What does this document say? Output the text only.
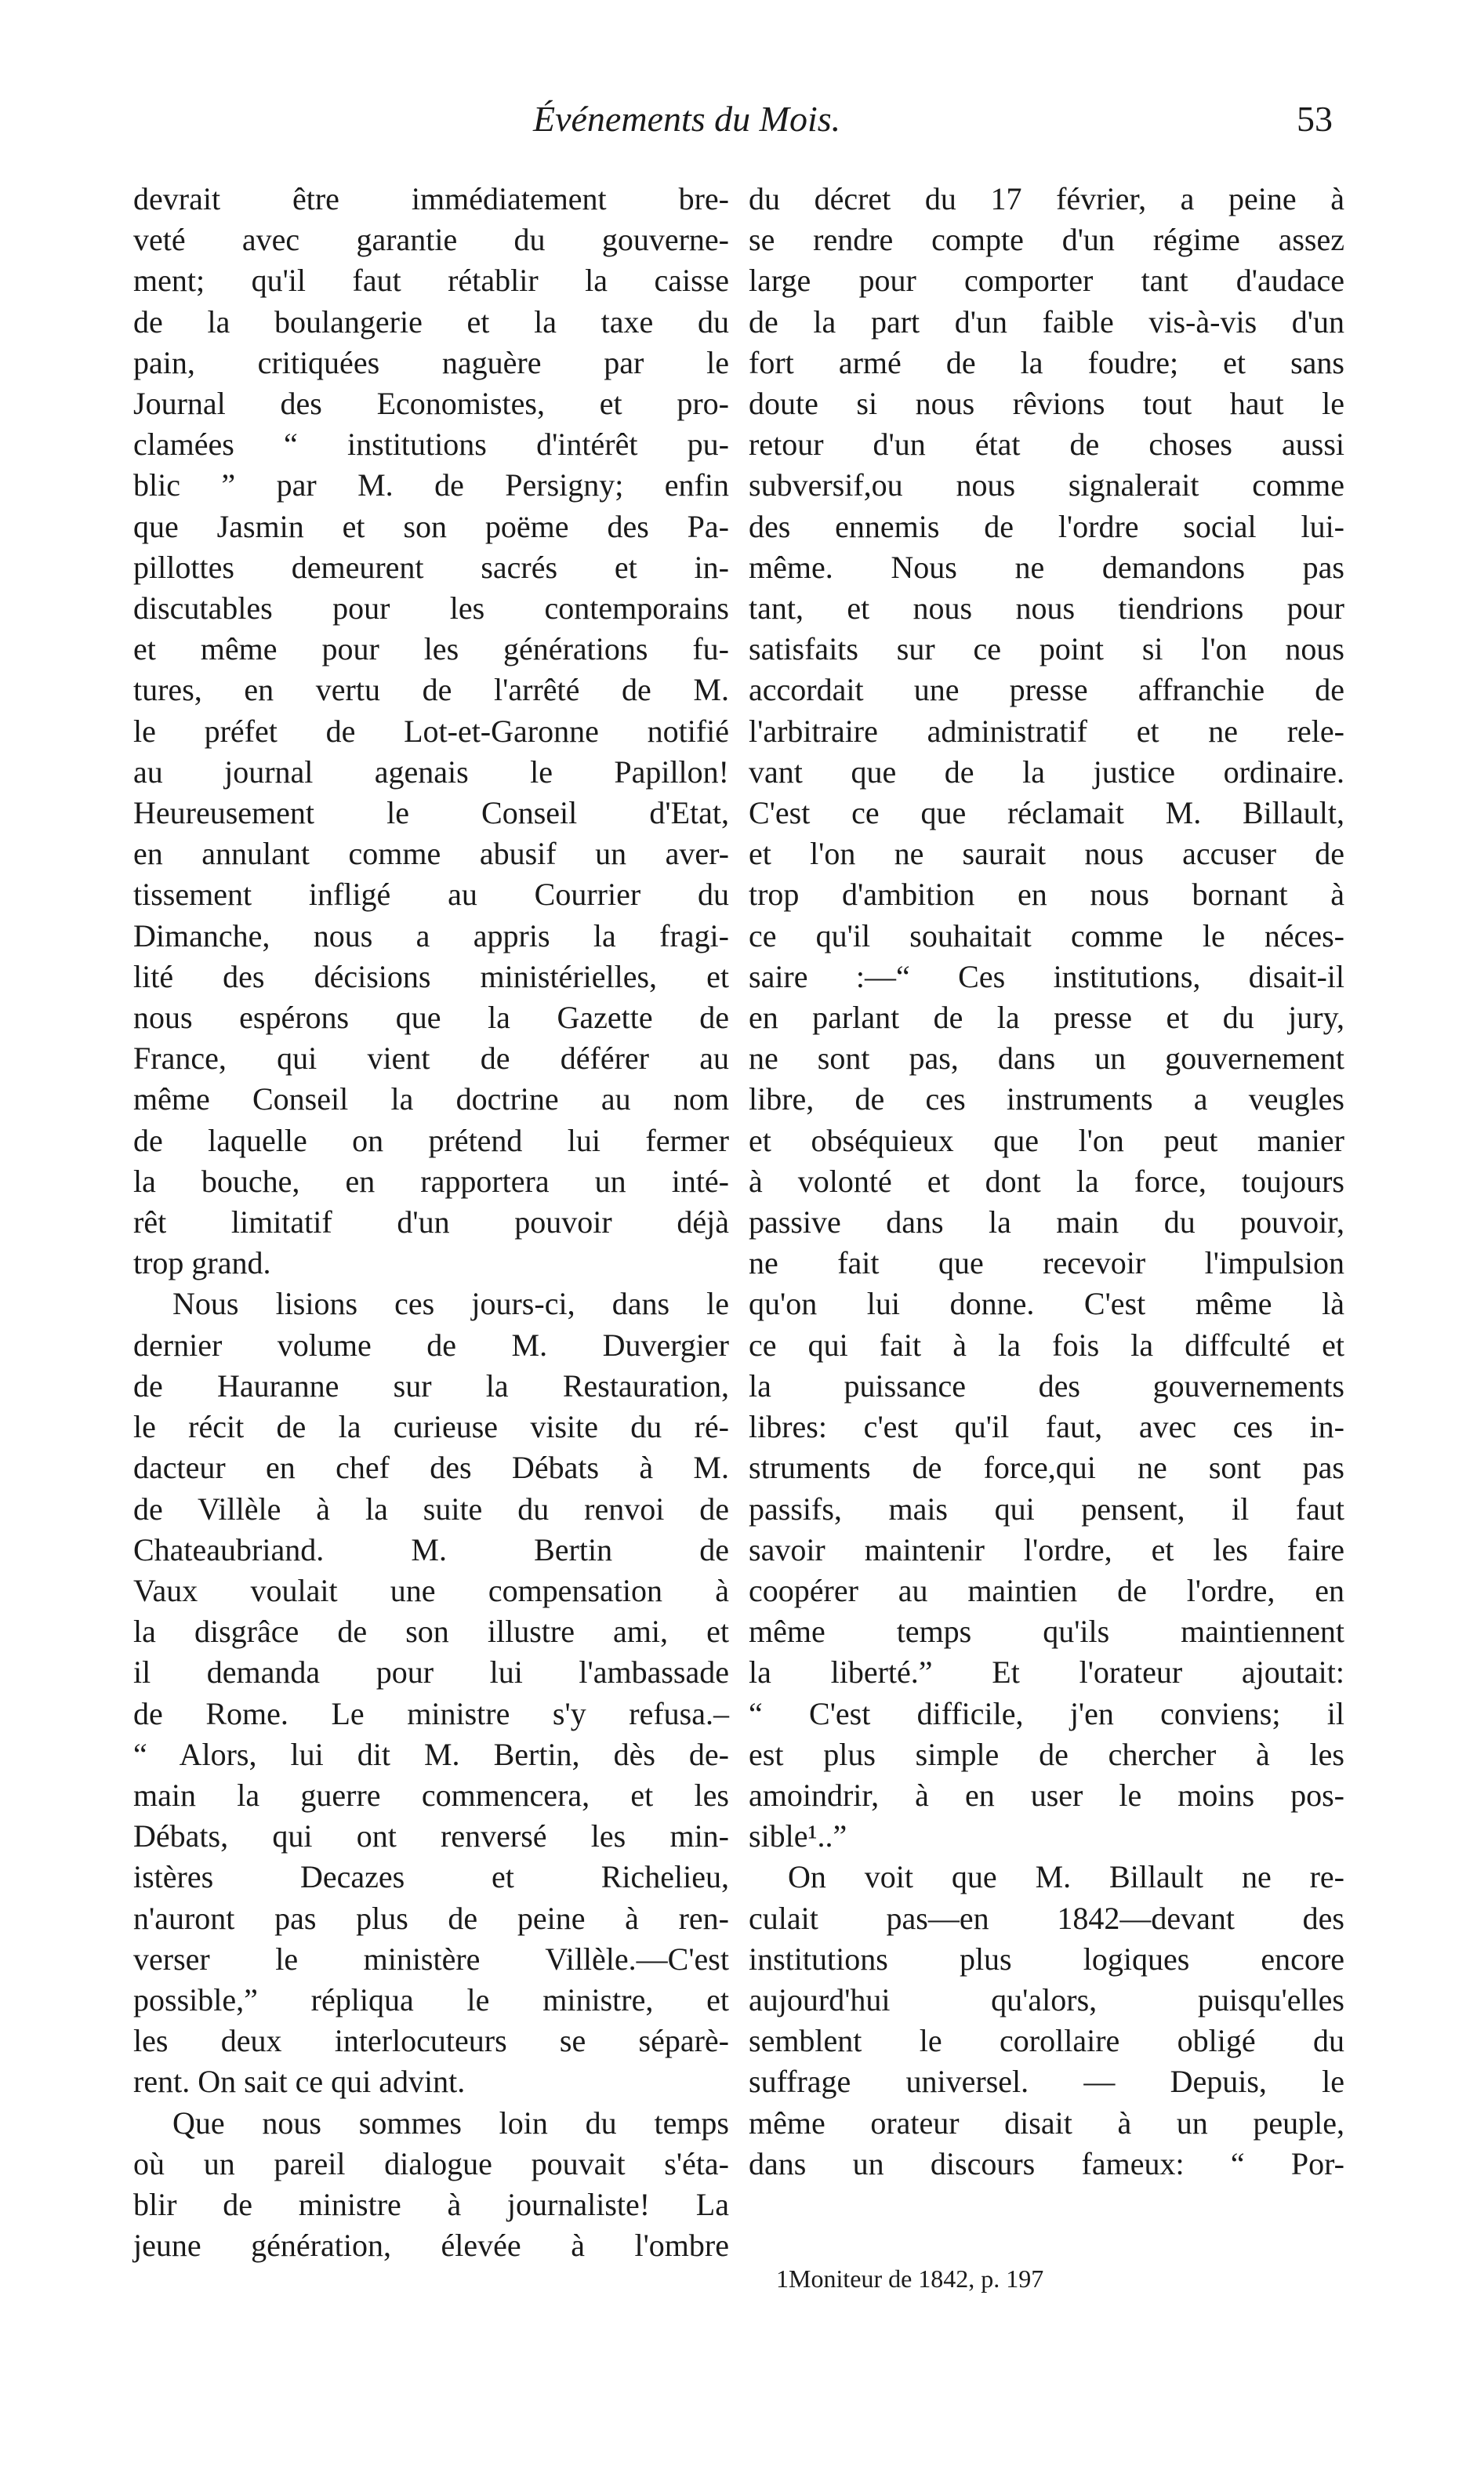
Événements du Mois.	53
devrait être immédiatement bre-
veté avec garantie du gouverne-
ment; qu'il faut rétablir la caisse
de la boulangerie et la taxe du
pain, critiquées naguère par le
Journal des Economistes, et pro-
clamées “ institutions d'intérêt pu-
blic ” par M. de Persigny; enfin
que Jasmin et son poëme des Pa-
pillottes demeurent sacrés et in-
discutables pour les contemporains
et même pour les générations fu-
tures, en vertu de l'arrêté de M.
le préfet de Lot-et-Garonne notifié
au journal agenais le Papillon!
Heureusement le Conseil d'Etat,
en annulant comme abusif un aver-
tissement infligé au Courrier du
Dimanche, nous a appris la fragi-
lité des décisions ministérielles, et
nous espérons que la Gazette de
France, qui vient de déférer au
même Conseil la doctrine au nom
de laquelle on prétend lui fermer
la bouche, en rapportera un inté-
rêt limitatif d'un pouvoir déjà
trop grand.
Nous lisions ces jours-ci, dans le
dernier volume de M. Duvergier
de Hauranne sur la Restauration,
le récit de la curieuse visite du ré-
dacteur en chef des Débats à M.
de Villèle à la suite du renvoi de
Chateaubriand. M. Bertin de
Vaux voulait une compensation à
la disgrâce de son illustre ami, et
il demanda pour lui l'ambassade
de Rome. Le ministre s'y refusa.–
“ Alors, lui dit M. Bertin, dès de-
main la guerre commencera, et les
Débats, qui ont renversé les min-
istères Decazes et Richelieu,
n'auront pas plus de peine à ren-
verser le ministère Villèle.—C'est
possible,” répliqua le ministre, et
les deux interlocuteurs se séparè-
rent. On sait ce qui advint.
Que nous sommes loin du temps
où un pareil dialogue pouvait s'éta-
blir de ministre à journaliste! La
jeune génération, élevée à l'ombre
du décret du 17 février, a peine à
se rendre compte d'un régime assez
large pour comporter tant d'audace
de la part d'un faible vis-à-vis d'un
fort armé de la foudre; et sans
doute si nous rêvions tout haut le
retour d'un état de choses aussi
subversif,ou nous signalerait comme
des ennemis de l'ordre social lui-
même. Nous ne demandons pas
tant, et nous nous tiendrions pour
satisfaits sur ce point si l'on nous
accordait une presse affranchie de
l'arbitraire administratif et ne rele-
vant que de la justice ordinaire.
C'est ce que réclamait M. Billault,
et l'on ne saurait nous accuser de
trop d'ambition en nous bornant à
ce qu'il souhaitait comme le néces-
saire :—“ Ces institutions, disait-il
en parlant de la presse et du jury,
ne sont pas, dans un gouvernement
libre, de ces instruments a veugles
et obséquieux que l'on peut manier
à volonté et dont la force, toujours
passive dans la main du pouvoir,
ne fait que recevoir l'impulsion
qu'on lui donne. C'est même là
ce qui fait à la fois la diffculté et
la puissance des gouvernements
libres: c'est qu'il faut, avec ces in-
struments de force,qui ne sont pas
passifs, mais qui pensent, il faut
savoir maintenir l'ordre, et les faire
coopérer au maintien de l'ordre, en
même temps qu'ils maintiennent
la liberté.” Et l'orateur ajoutait:
“ C'est difficile, j'en conviens; il
est plus simple de chercher à les
amoindrir, à en user le moins pos-
sible¹..”
On voit que M. Billault ne re-
culait pas—en 1842—devant des
institutions plus logiques encore
aujourd'hui qu'alors, puisqu'elles
semblent le corollaire obligé du
suffrage universel. — Depuis, le
même orateur disait à un peuple,
dans un discours fameux: “ Por-
1Moniteur de 1842, p. 197
